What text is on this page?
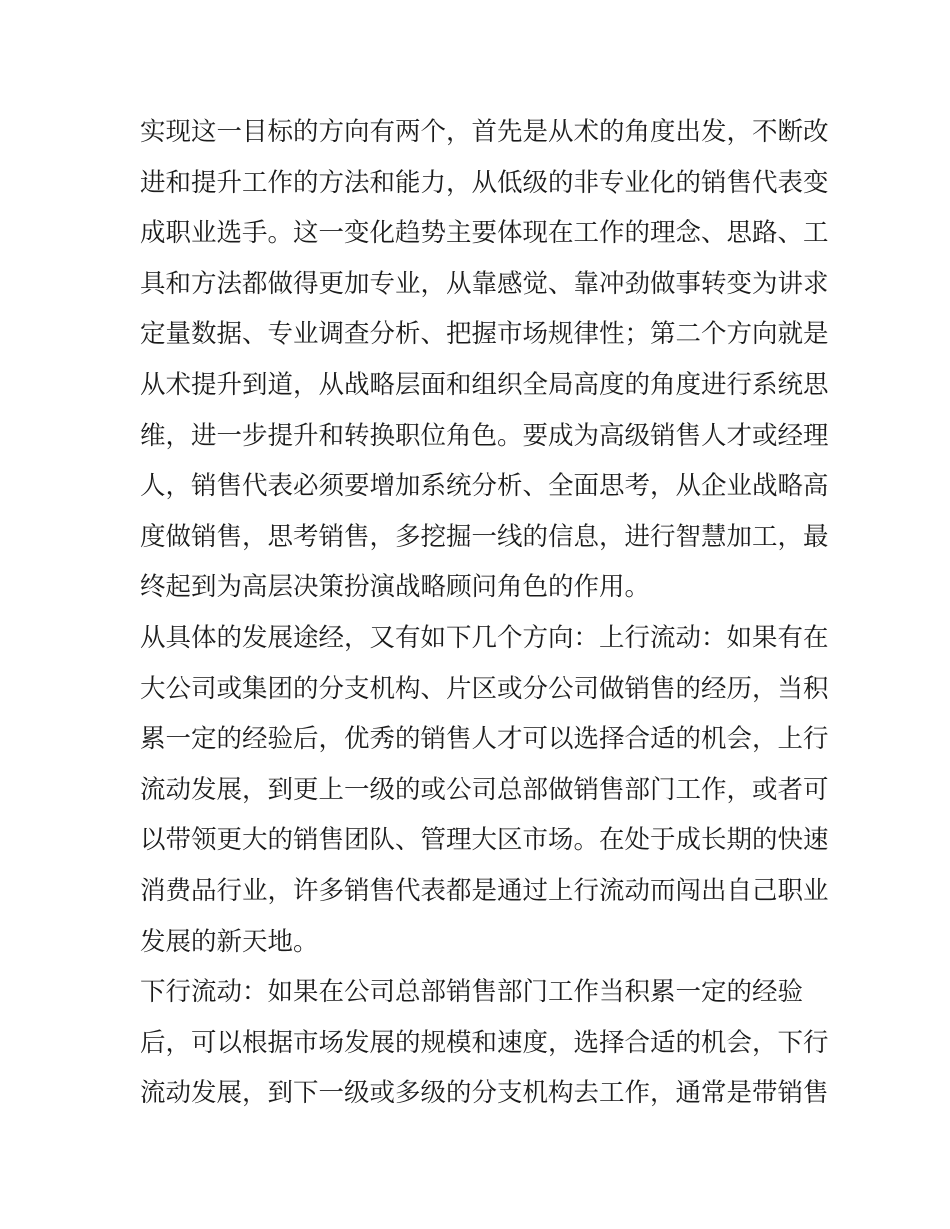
实现这一目标的方向有两个，首先是从术的角度出发，不断改
进和提升工作的方法和能力，从低级的非专业化的销售代表变
成职业选手。这一变化趋势主要体现在工作的理念、思路、工
具和方法都做得更加专业，从靠感觉、靠冲劲做事转变为讲求
定量数据、专业调查分析、把握市场规律性；第二个方向就是
从术提升到道，从战略层面和组织全局高度的角度进行系统思
维，进一步提升和转换职位角色。要成为高级销售人才或经理
人，销售代表必须要增加系统分析、全面思考，从企业战略高
度做销售，思考销售，多挖掘一线的信息，进行智慧加工，最
终起到为高层决策扮演战略顾问角色的作用。
从具体的发展途经，又有如下几个方向：上行流动：如果有在
大公司或集团的分支机构、片区或分公司做销售的经历，当积
累一定的经验后，优秀的销售人才可以选择合适的机会，上行
流动发展，到更上一级的或公司总部做销售部门工作，或者可
以带领更大的销售团队、管理大区市场。在处于成长期的快速
消费品行业，许多销售代表都是通过上行流动而闯出自己职业
发展的新天地。
下行流动：如果在公司总部销售部门工作当积累一定的经验
后，可以根据市场发展的规模和速度，选择合适的机会，下行
流动发展，到下一级或多级的分支机构去工作，通常是带销售
